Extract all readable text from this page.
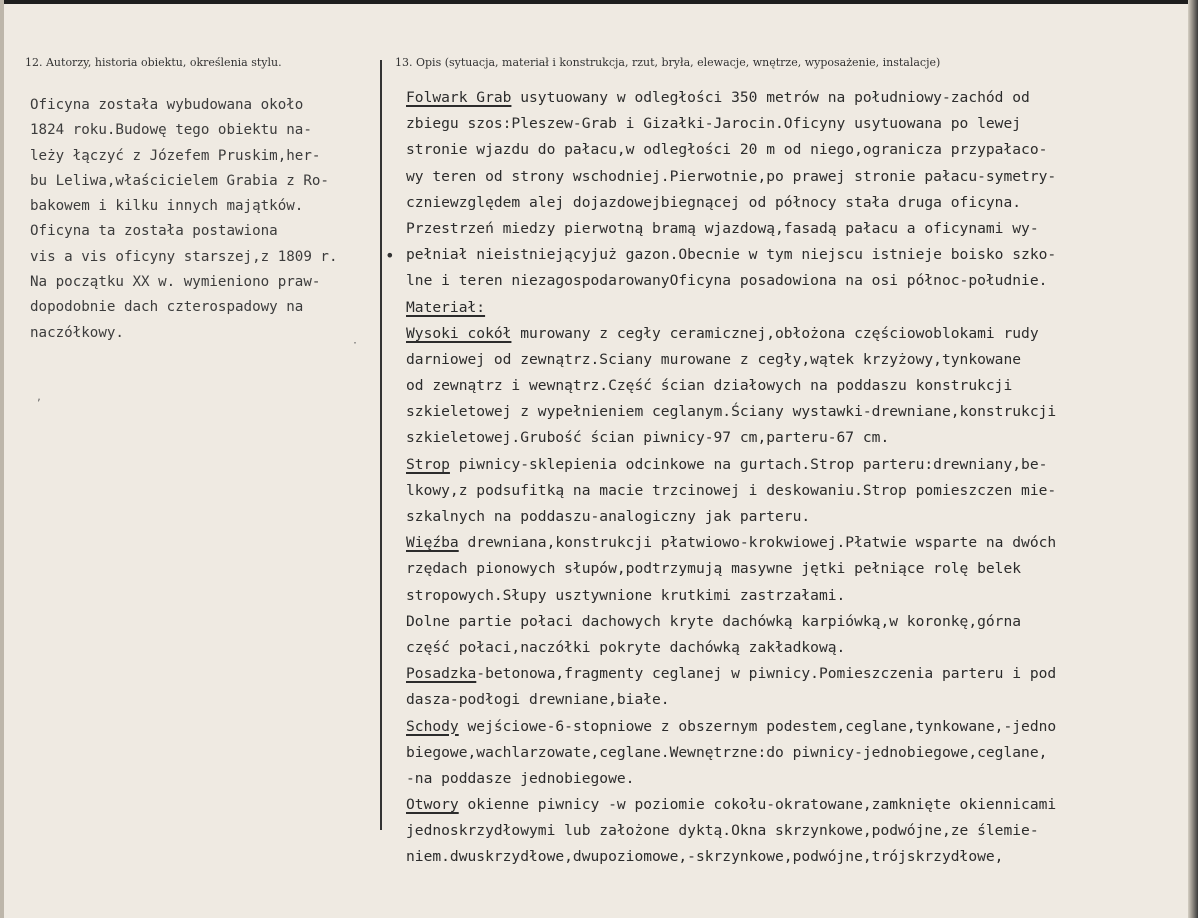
12. Autorzy, historia obiektu, określenia stylu.	13. Opis (sytuacja, materiał i konstrukcja, rzut, bryła, elewacje, wnętrze, wyposażenie, instalacje)
Oficyna została wybudowana około
1824 roku.Budowę tego obiektu na-
leży łączyć z Józefem Pruskim,her-
bu Leliwa,właścicielem Grabia z Ro-
bakowem i kilku innych majątków.
Oficyna ta została postawiona
vis a vis oficyny starszej,z 1809 r.
Na początku XX w. wymieniono praw-
dopodobnie dach czterospadowy na
naczółkowy.
Folwark Grab usytuowany w odległości 350 metrów na południowy-zachód od
zbiegu szos:Pleszew-Grab i Gizałki-Jarocin.Oficyny usytuowana po lewej
stronie wjazdu do pałacu,w odległości 20 m od niego,ogranicza przypałaco-
wy teren od strony wschodniej.Pierwotnie,po prawej stronie pałacu-symetry-
czniewzględem alej dojazdowejbiegnącej od północy stała druga oficyna.
Przestrzeń miedzy pierwotną bramą wjazdową,fasadą pałacu a oficynami wy-
pełniał nieistniejącyjuż gazon.Obecnie w tym niejscu istnieje boisko szko-
lne i teren niezagospodarowanyOficyna posadowiona na osi północ-południe.
Materiał:
Wysoki cokół murowany z cegły ceramicznej,obłożona częściowoblokami rudy
darniowej od zewnątrz.Sciany murowane z cegły,wątek krzyżowy,tynkowane
od zewnątrz i wewnątrz.Część ścian działowych na poddaszu konstrukcji
szkieletowej z wypełnieniem ceglanym.Ściany wystawki-drewniane,konstrukcji
szkieletowej.Grubość ścian piwnicy-97 cm,parteru-67 cm.
Strop piwnicy-sklepienia odcinkowe na gurtach.Strop parteru:drewniany,be-
lkowy,z podsufitką na macie trzcinowej i deskowaniu.Strop pomieszczen mie-
szkalnych na poddaszu-analogiczny jak parteru.
Więźba drewniana,konstrukcji płatwiowo-krokwiowej.Płatwie wsparte na dwóch
rzędach pionowych słupów,podtrzymują masywne jętki pełniące rolę belek
stropowych.Słupy usztywnione krutkimi zastrzałami.
Dolne partie połaci dachowych kryte dachówką karpiówką,w koronkę,górna
część połaci,naczółki pokryte dachówką zakładkową.
Posadzka-betonowa,fragmenty ceglanej w piwnicy.Pomieszczenia parteru i pod
dasza-podłogi drewniane,białe.
Schody wejściowe-6-stopniowe z obszernym podestem,ceglane,tynkowane,-jedno
biegowe,wachlarzowate,ceglane.Wewnętrzne:do piwnicy-jednobiegowe,ceglane,
-na poddasze jednobiegowe.
Otwory okienne piwnicy -w poziomie cokołu-okratowane,zamknięte okiennicami
jednoskrzydłowymi lub założone dyktą.Okna skrzynkowe,podwójne,ze ślemie-
niem.dwuskrzydłowe,dwupoziomowe,-skrzynkowe,podwójne,trójskrzydłowe,
·
,
•
